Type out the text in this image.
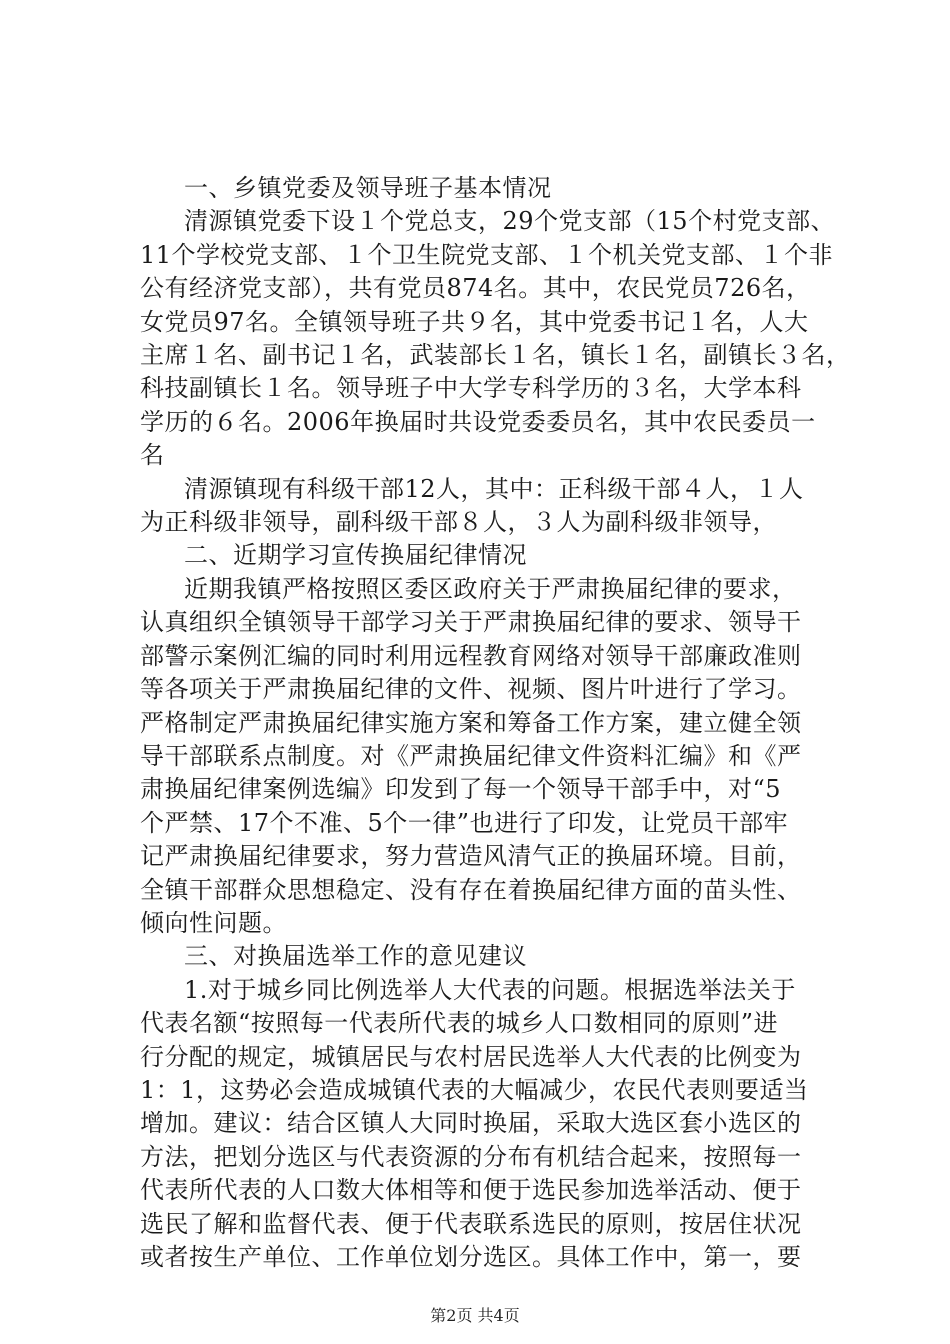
一、乡镇党委及领导班子基本情况
清源镇党委下设１个党总支，29个党支部（15个村党支部、
11个学校党支部、１个卫生院党支部、１个机关党支部、１个非
公有经济党支部），共有党员874名。其中，农民党员726名，
女党员97名。全镇领导班子共９名，其中党委书记１名，人大
主席１名、副书记１名，武装部长１名，镇长１名，副镇长３名，
科技副镇长１名。领导班子中大学专科学历的３名，大学本科
学历的６名。2006年换届时共设党委委员名，其中农民委员一
名
清源镇现有科级干部12人，其中：正科级干部４人，１人
为正科级非领导，副科级干部８人，３人为副科级非领导，
二、近期学习宣传换届纪律情况
近期我镇严格按照区委区政府关于严肃换届纪律的要求，
认真组织全镇领导干部学习关于严肃换届纪律的要求、领导干
部警示案例汇编的同时利用远程教育网络对领导干部廉政准则
等各项关于严肃换届纪律的文件、视频、图片叶进行了学习。
严格制定严肃换届纪律实施方案和筹备工作方案，建立健全领
导干部联系点制度。对《严肃换届纪律文件资料汇编》和《严
肃换届纪律案例选编》印发到了每一个领导干部手中，对“5
个严禁、17个不准、5个一律”也进行了印发，让党员干部牢
记严肃换届纪律要求，努力营造风清气正的换届环境。目前，
全镇干部群众思想稳定、没有存在着换届纪律方面的苗头性、
倾向性问题。
三、对换届选举工作的意见建议
1.对于城乡同比例选举人大代表的问题。根据选举法关于
代表名额“按照每一代表所代表的城乡人口数相同的原则”进
行分配的规定，城镇居民与农村居民选举人大代表的比例变为
1：1，这势必会造成城镇代表的大幅减少，农民代表则要适当
增加。建议：结合区镇人大同时换届，采取大选区套小选区的
方法，把划分选区与代表资源的分布有机结合起来，按照每一
代表所代表的人口数大体相等和便于选民参加选举活动、便于
选民了解和监督代表、便于代表联系选民的原则，按居住状况
或者按生产单位、工作单位划分选区。具体工作中，第一，要
第2页 共4页
